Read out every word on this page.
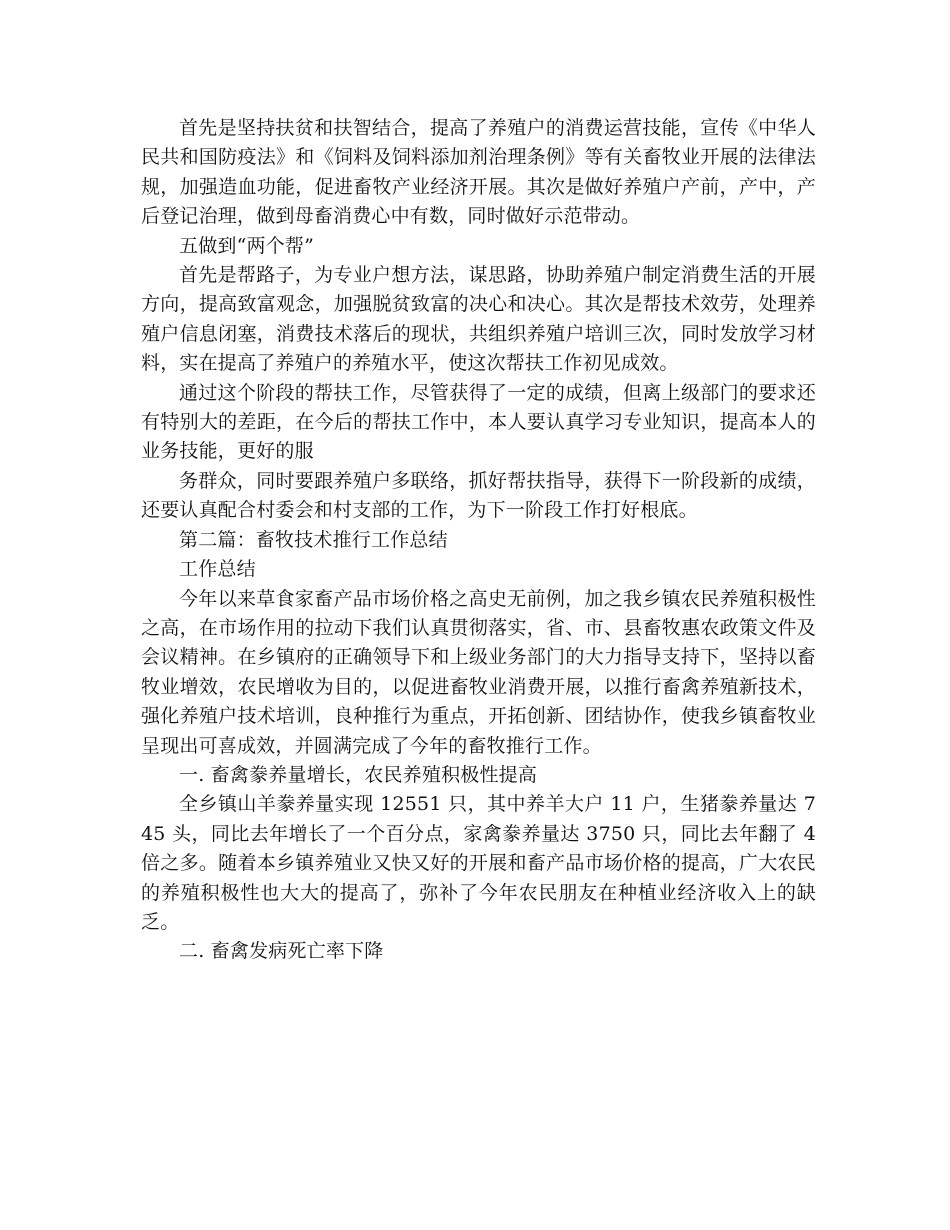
首先是坚持扶贫和扶智结合，提高了养殖户的消费运营技能，宣传《中华人民共和国防疫法》和《饲料及饲料添加剂治理条例》等有关畜牧业开展的法律法规，加强造血功能，促进畜牧产业经济开展。其次是做好养殖户产前，产中，产后登记治理，做到母畜消费心中有数，同时做好示范带动。

五做到“两个帮”

首先是帮路子，为专业户想方法，谋思路，协助养殖户制定消费生活的开展方向，提高致富观念，加强脱贫致富的决心和决心。其次是帮技术效劳，处理养殖户信息闭塞，消费技术落后的现状，共组织养殖户培训三次，同时发放学习材料，实在提高了养殖户的养殖水平，使这次帮扶工作初见成效。

通过这个阶段的帮扶工作，尽管获得了一定的成绩，但离上级部门的要求还有特别大的差距，在今后的帮扶工作中，本人要认真学习专业知识，提高本人的业务技能，更好的服

务群众，同时要跟养殖户多联络，抓好帮扶指导，获得下一阶段新的成绩，还要认真配合村委会和村支部的工作，为下一阶段工作打好根底。

第二篇：畜牧技术推行工作总结

工作总结

今年以来草食家畜产品市场价格之高史无前例，加之我乡镇农民养殖积极性之高，在市场作用的拉动下我们认真贯彻落实，省、市、县畜牧惠农政策文件及会议精神。在乡镇府的正确领导下和上级业务部门的大力指导支持下，坚持以畜牧业增效，农民增收为目的，以促进畜牧业消费开展，以推行畜禽养殖新技术，强化养殖户技术培训，良种推行为重点，开拓创新、团结协作，使我乡镇畜牧业呈现出可喜成效，并圆满完成了今年的畜牧推行工作。

一. 畜禽豢养量增长，农民养殖积极性提高

全乡镇山羊豢养量实现 12551 只，其中养羊大户 11 户，生猪豢养量达 745 头，同比去年增长了一个百分点，家禽豢养量达 3750 只，同比去年翻了 4 倍之多。随着本乡镇养殖业又快又好的开展和畜产品市场价格的提高，广大农民的养殖积极性也大大的提高了，弥补了今年农民朋友在种植业经济收入上的缺乏。

二. 畜禽发病死亡率下降
